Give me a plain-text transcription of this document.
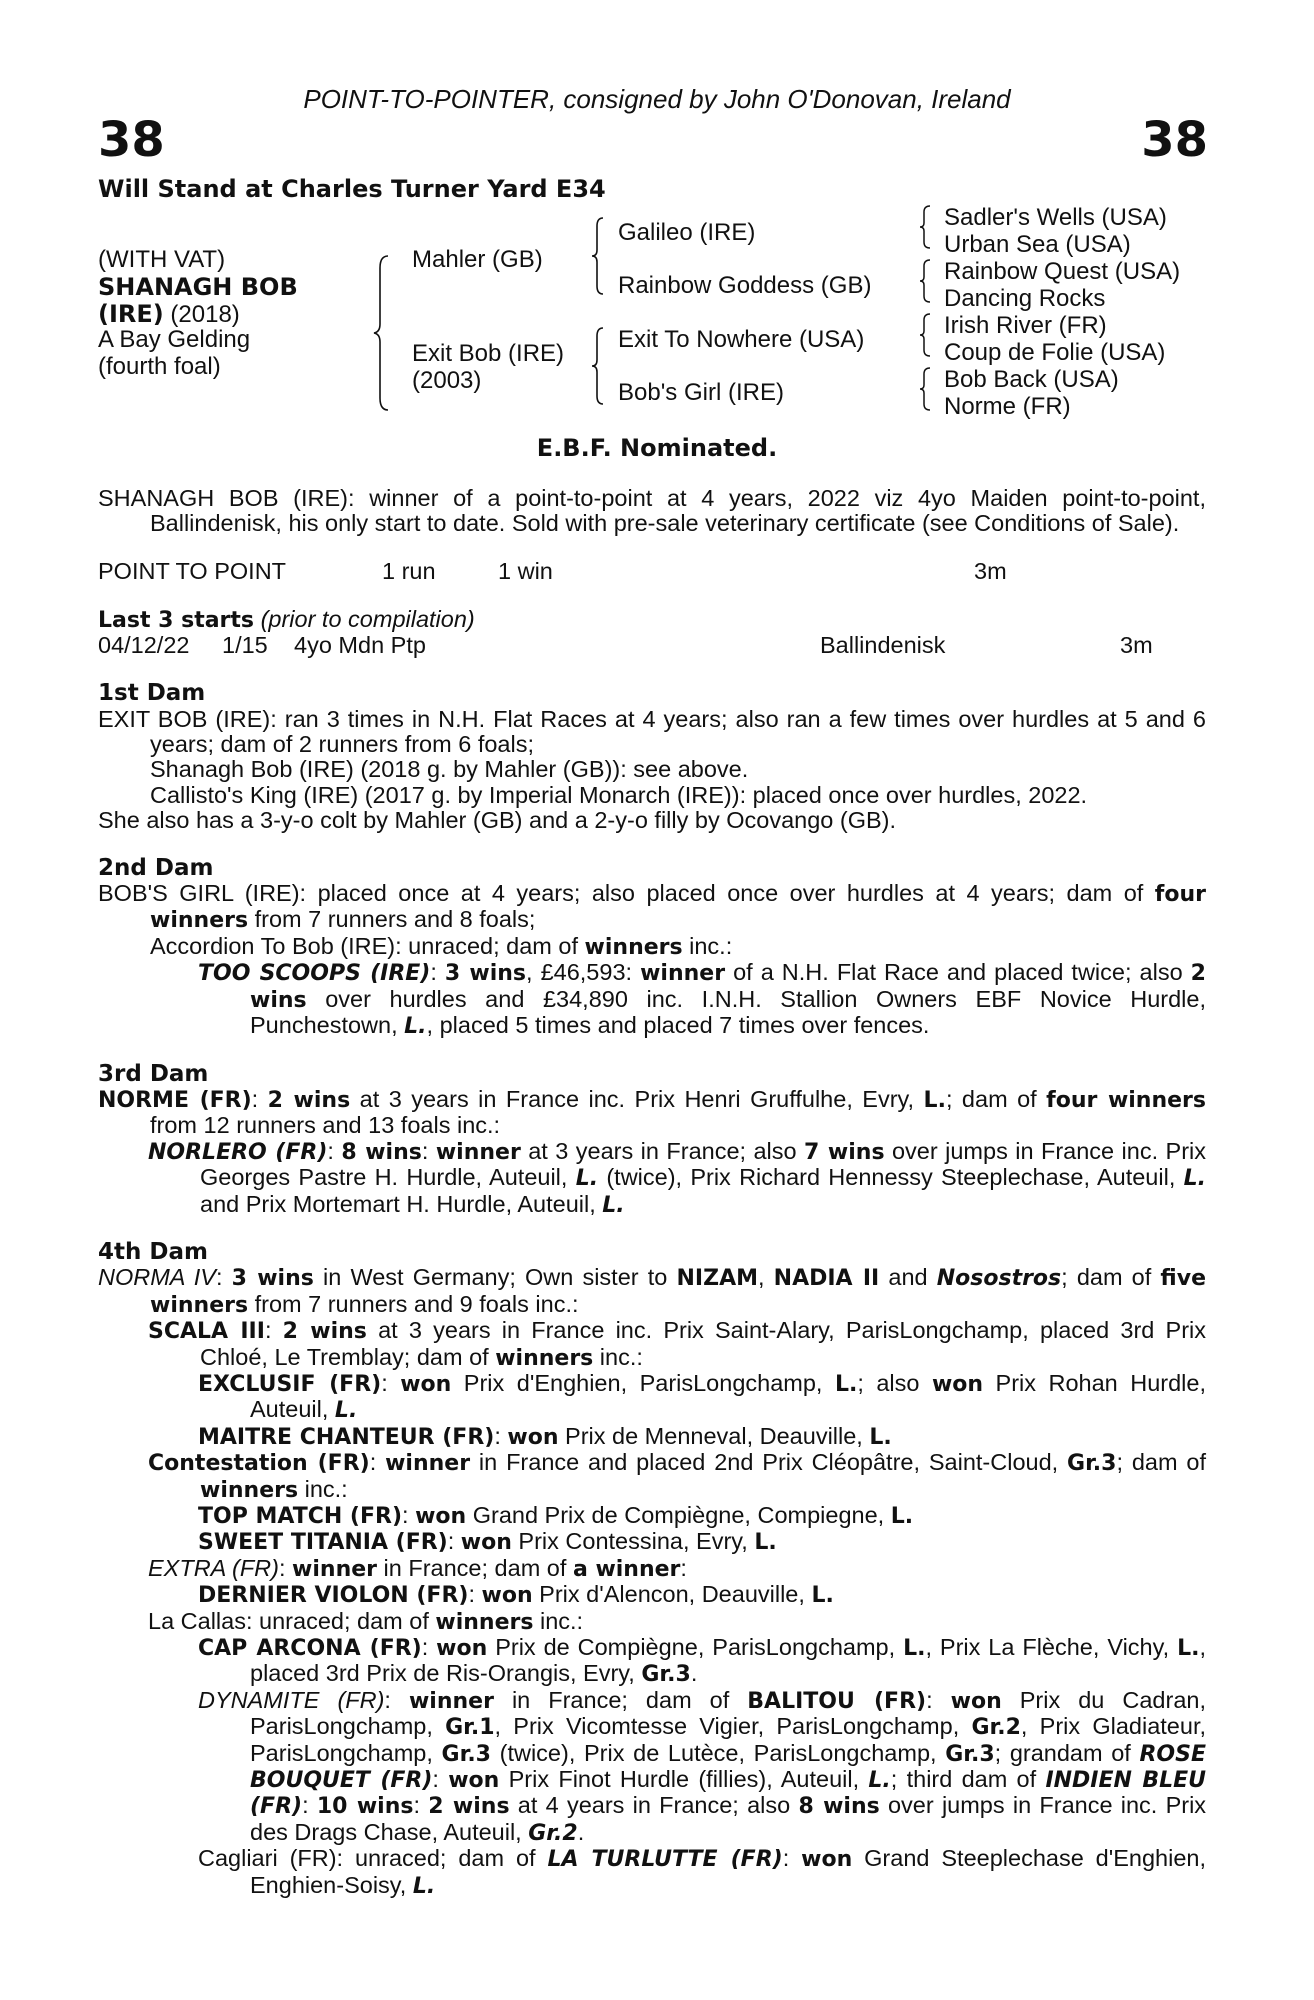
POINT-TO-POINTER, consigned by John O'Donovan, Ireland
38	38
Will Stand at Charles Turner Yard E34
(WITH VAT)
SHANAGH BOB
(IRE) (2018)
A Bay Gelding
(fourth foal)
Mahler (GB)
Exit Bob (IRE)
(2003)
Galileo (IRE)
Rainbow Goddess (GB)
Exit To Nowhere (USA)
Bob's Girl (IRE)
Sadler's Wells (USA)
Urban Sea (USA)
Rainbow Quest (USA)
Dancing Rocks
Irish River (FR)
Coup de Folie (USA)
Bob Back (USA)
Norme (FR)
E.B.F. Nominated.

SHANAGH BOB (IRE): winner of a point-to-point at 4 years, 2022 viz 4yo Maiden point-to-point, Ballindenisk, his only start to date. Sold with pre-sale veterinary certificate (see Conditions of Sale).

POINT TO POINT	1 run	1 win	3m

Last 3 starts (prior to compilation)

04/12/22 1/15 4yo Mdn Ptp	Ballindenisk	3m

1st Dam

EXIT BOB (IRE): ran 3 times in N.H. Flat Races at 4 years; also ran a few times over hurdles at 5 and 6 years; dam of 2 runners from 6 foals;

Shanagh Bob (IRE) (2018 g. by Mahler (GB)): see above.

Callisto's King (IRE) (2017 g. by Imperial Monarch (IRE)): placed once over hurdles, 2022.

She also has a 3-y-o colt by Mahler (GB) and a 2-y-o filly by Ocovango (GB).

2nd Dam

BOB'S GIRL (IRE): placed once at 4 years; also placed once over hurdles at 4 years; dam of four winners from 7 runners and 8 foals;

Accordion To Bob (IRE): unraced; dam of winners inc.:

TOO SCOOPS (IRE): 3 wins, £46,593: winner of a N.H. Flat Race and placed twice; also 2 wins over hurdles and £34,890 inc. I.N.H. Stallion Owners EBF Novice Hurdle, Punchestown, L., placed 5 times and placed 7 times over fences.

3rd Dam

NORME (FR): 2 wins at 3 years in France inc. Prix Henri Gruffulhe, Evry, L.; dam of four winners from 12 runners and 13 foals inc.:

NORLERO (FR): 8 wins: winner at 3 years in France; also 7 wins over jumps in France inc. Prix Georges Pastre H. Hurdle, Auteuil, L. (twice), Prix Richard Hennessy Steeplechase, Auteuil, L. and Prix Mortemart H. Hurdle, Auteuil, L.

4th Dam

NORMA IV: 3 wins in West Germany; Own sister to NIZAM, NADIA II and Nosostros; dam of five winners from 7 runners and 9 foals inc.:

SCALA III: 2 wins at 3 years in France inc. Prix Saint-Alary, ParisLongchamp, placed 3rd Prix Chloé, Le Tremblay; dam of winners inc.:

EXCLUSIF (FR): won Prix d'Enghien, ParisLongchamp, L.; also won Prix Rohan Hurdle, Auteuil, L.

MAITRE CHANTEUR (FR): won Prix de Menneval, Deauville, L.

Contestation (FR): winner in France and placed 2nd Prix Cléopâtre, Saint-Cloud, Gr.3; dam of winners inc.:

TOP MATCH (FR): won Grand Prix de Compiègne, Compiegne, L.

SWEET TITANIA (FR): won Prix Contessina, Evry, L.

EXTRA (FR): winner in France; dam of a winner:

DERNIER VIOLON (FR): won Prix d'Alencon, Deauville, L.

La Callas: unraced; dam of winners inc.:

CAP ARCONA (FR): won Prix de Compiègne, ParisLongchamp, L., Prix La Flèche, Vichy, L., placed 3rd Prix de Ris-Orangis, Evry, Gr.3.

DYNAMITE (FR): winner in France; dam of BALITOU (FR): won Prix du Cadran, ParisLongchamp, Gr.1, Prix Vicomtesse Vigier, ParisLongchamp, Gr.2, Prix Gladiateur, ParisLongchamp, Gr.3 (twice), Prix de Lutèce, ParisLongchamp, Gr.3; grandam of ROSE BOUQUET (FR): won Prix Finot Hurdle (fillies), Auteuil, L.; third dam of INDIEN BLEU (FR): 10 wins: 2 wins at 4 years in France; also 8 wins over jumps in France inc. Prix des Drags Chase, Auteuil, Gr.2.

Cagliari (FR): unraced; dam of LA TURLUTTE (FR): won Grand Steeplechase d'Enghien, Enghien-Soisy, L.
